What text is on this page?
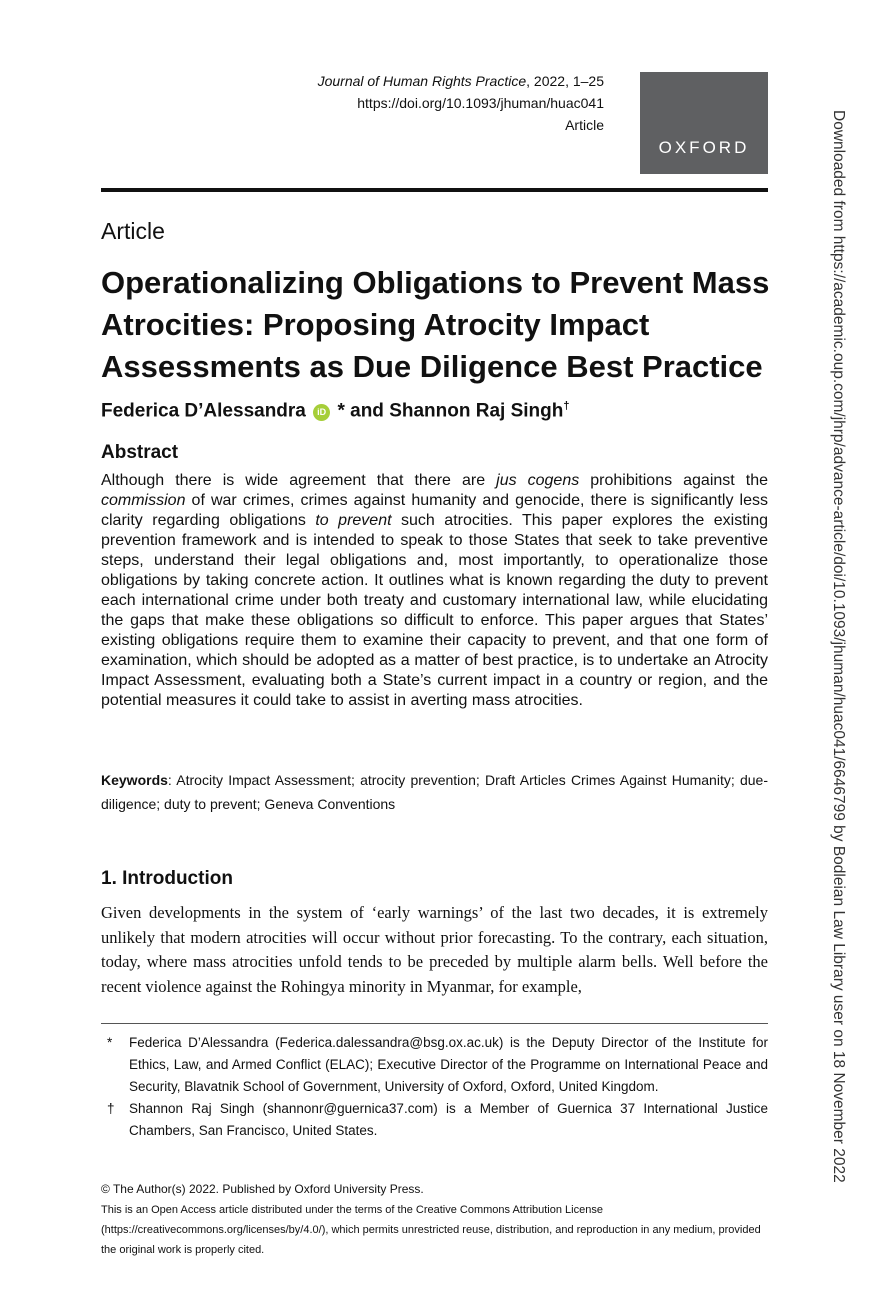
Journal of Human Rights Practice, 2022, 1–25
https://doi.org/10.1093/jhuman/huac041
Article
OXFORD
Article
Operationalizing Obligations to Prevent Mass Atrocities: Proposing Atrocity Impact Assessments as Due Diligence Best Practice
Federica D’Alessandra iD * and Shannon Raj Singh†
Abstract
Although there is wide agreement that there are jus cogens prohibitions against the commission of war crimes, crimes against humanity and genocide, there is significantly less clarity regarding obligations to prevent such atrocities. This paper explores the existing prevention framework and is intended to speak to those States that seek to take preventive steps, understand their legal obligations and, most importantly, to operationalize those obligations by taking concrete action. It outlines what is known regarding the duty to prevent each international crime under both treaty and customary international law, while elucidating the gaps that make these obligations so difficult to enforce. This paper argues that States’ existing obligations require them to examine their capacity to prevent, and that one form of examination, which should be adopted as a matter of best practice, is to undertake an Atrocity Impact Assessment, evaluating both a State’s current impact in a country or region, and the potential measures it could take to assist in averting mass atrocities.
Keywords: Atrocity Impact Assessment; atrocity prevention; Draft Articles Crimes Against Humanity; due-diligence; duty to prevent; Geneva Conventions
1. Introduction
Given developments in the system of ‘early warnings’ of the last two decades, it is extremely unlikely that modern atrocities will occur without prior forecasting. To the contrary, each situation, today, where mass atrocities unfold tends to be preceded by multiple alarm bells. Well before the recent violence against the Rohingya minority in Myanmar, for example,
*	Federica D’Alessandra (Federica.dalessandra@bsg.ox.ac.uk) is the Deputy Director of the Institute for Ethics, Law, and Armed Conflict (ELAC); Executive Director of the Programme on International Peace and Security, Blavatnik School of Government, University of Oxford, Oxford, United Kingdom.
†	Shannon Raj Singh (shannonr@guernica37.com) is a Member of Guernica 37 International Justice Chambers, San Francisco, United States.
© The Author(s) 2022. Published by Oxford University Press.
This is an Open Access article distributed under the terms of the Creative Commons Attribution License (https://creativecommons.org/licenses/by/4.0/), which permits unrestricted reuse, distribution, and reproduction in any medium, provided the original work is properly cited.
Downloaded from https://academic.oup.com/jhrp/advance-article/doi/10.1093/jhuman/huac041/6646799 by Bodleian Law Library user on 18 November 2022
